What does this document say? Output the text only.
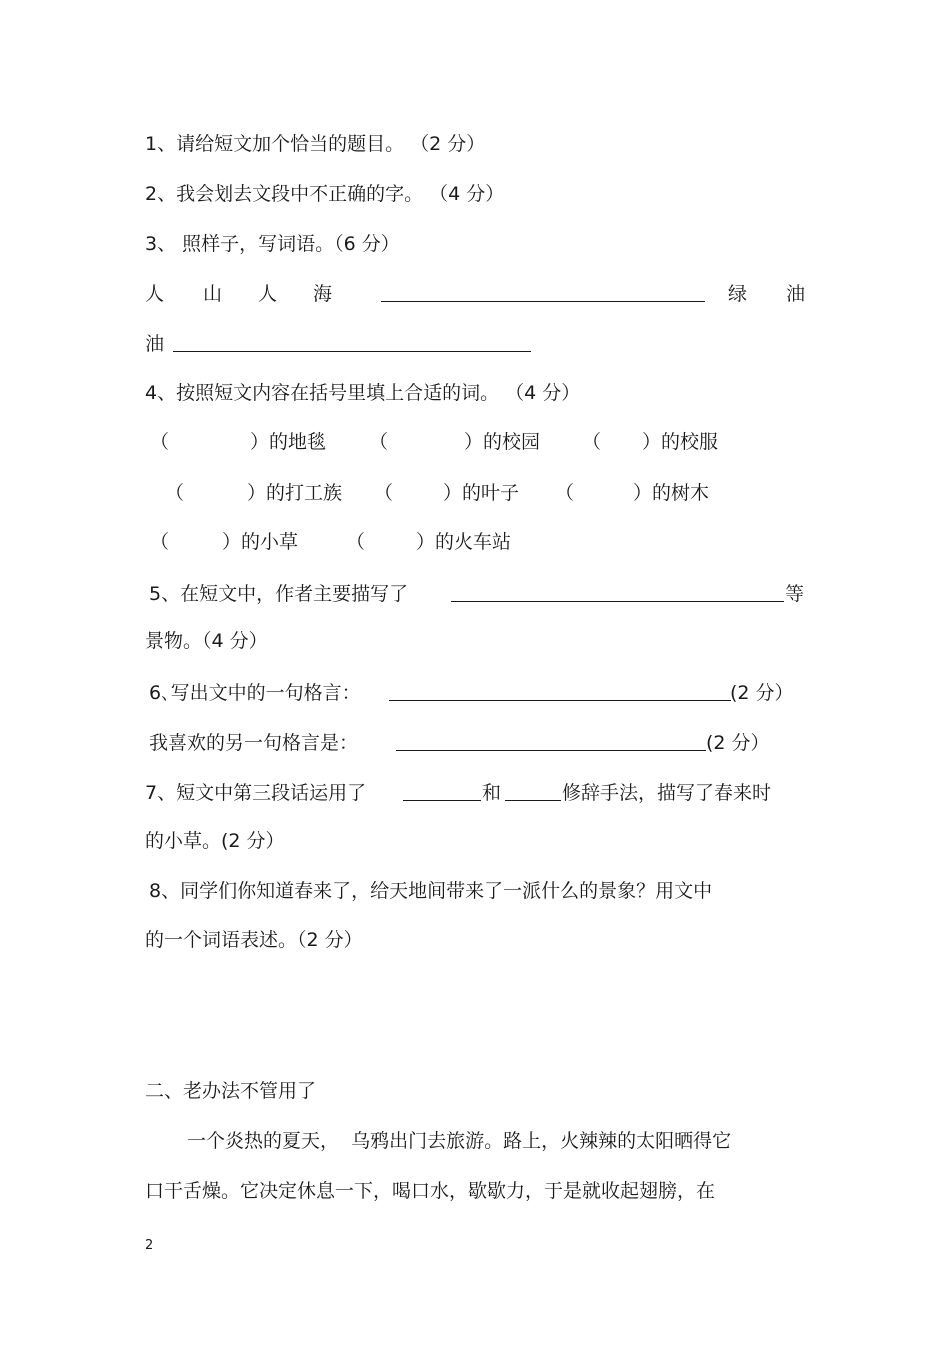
1、请给短文加个恰当的题目。 （2 分）
2、我会划去文段中不正确的字。 （4 分）
3、 照样子，写词语。（6 分）
人 山 人 海	绿 油
油
4、按照短文内容在括号里填上合适的词。 （4 分）
（	）的地毯 （	）的校园 （ ）的校服
（	）的打工族 （	）的叶子 （	）的树木
（	）的小草	（	）的火车站
5、在短文中，作者主要描写了	等
景物。（4 分）
6､写出文中的一句格言：	(2 分）
我喜欢的另一句格言是：	(2 分）
7、短文中第三段话运用了	和	修辞手法，描写了春来时
的小草。(2 分）
8、同学们你知道春来了，给天地间带来了一派什么的景象？用文中
的一个词语表述。（2 分）
二、老办法不管用了
一个炎热的夏天，  乌鸦出门去旅游。路上，火辣辣的太阳晒得它
口干舌燥。它决定休息一下，喝口水，歇歇力，于是就收起翅膀，在
2
